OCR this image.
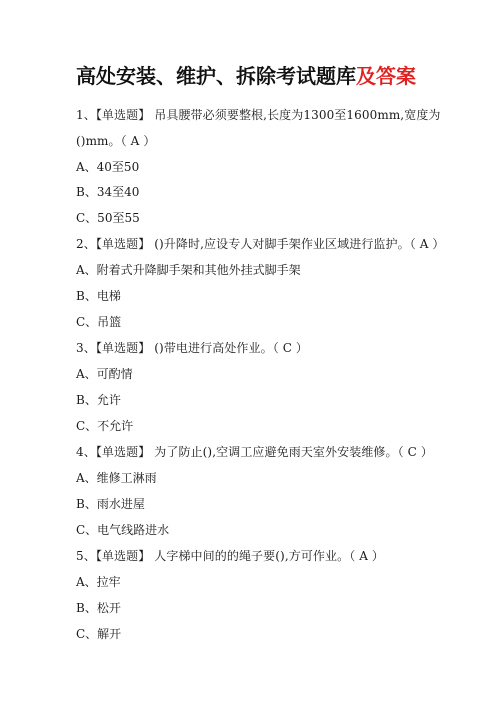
高处安装、维护、拆除考试题库及答案
1、【单选题】 吊具腰带必须要整根,长度为1300至1600mm,宽度为
()mm。（ A ）
A、40至50
B、34至40
C、50至55
2、【单选题】 ()升降时,应设专人对脚手架作业区域进行监护。（ A ）
A、附着式升降脚手架和其他外挂式脚手架
B、电梯
C、吊篮
3、【单选题】 ()带电进行高处作业。（ C ）
A、可酌情
B、允许
C、不允许
4、【单选题】 为了防止(),空调工应避免雨天室外安装维修。（ C ）
A、维修工淋雨
B、雨水进屋
C、电气线路进水
5、【单选题】 人字梯中间的的绳子要(),方可作业。（ A ）
A、拉牢
B、松开
C、解开
